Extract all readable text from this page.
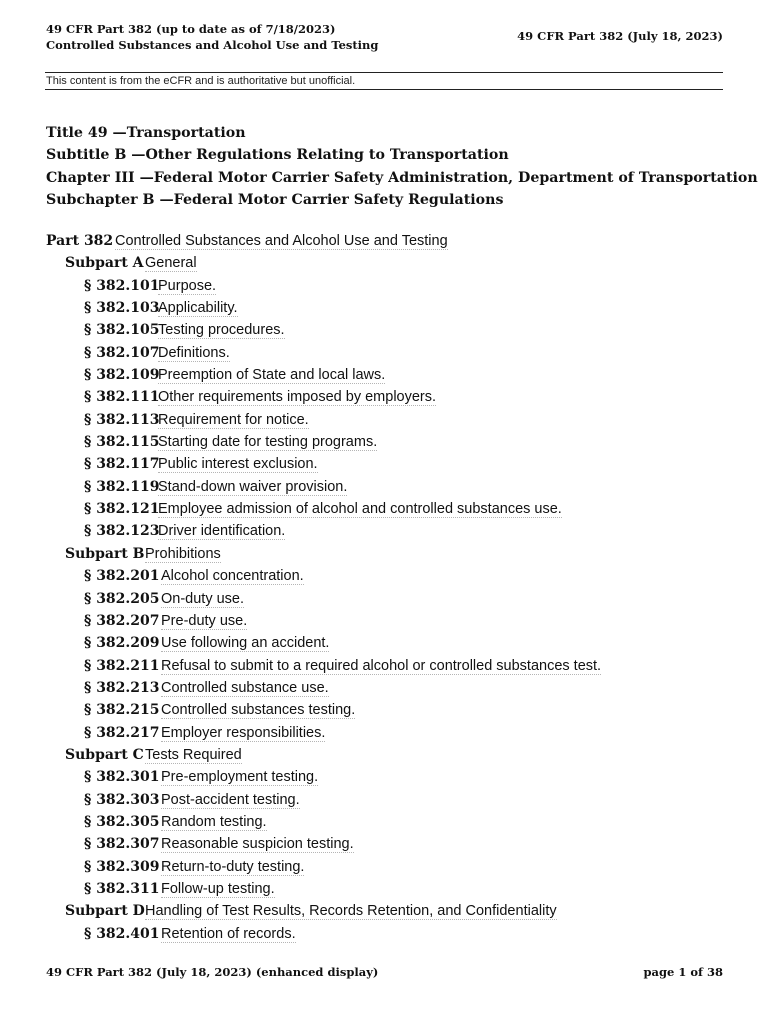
49 CFR Part 382 (up to date as of 7/18/2023)
Controlled Substances and Alcohol Use and Testing
49 CFR Part 382 (July 18, 2023)
This content is from the eCFR and is authoritative but unofficial.
Title 49 —Transportation
Subtitle B —Other Regulations Relating to Transportation
Chapter III —Federal Motor Carrier Safety Administration, Department of Transportation
Subchapter B —Federal Motor Carrier Safety Regulations
Part 382 Controlled Substances and Alcohol Use and Testing
Subpart AGeneral
§ 382.101Purpose.
§ 382.103Applicability.
§ 382.105Testing procedures.
§ 382.107Definitions.
§ 382.109Preemption of State and local laws.
§ 382.111Other requirements imposed by employers.
§ 382.113Requirement for notice.
§ 382.115Starting date for testing programs.
§ 382.117Public interest exclusion.
§ 382.119Stand-down waiver provision.
§ 382.121Employee admission of alcohol and controlled substances use.
§ 382.123Driver identification.
Subpart BProhibitions
§ 382.201Alcohol concentration.
§ 382.205On-duty use.
§ 382.207Pre-duty use.
§ 382.209Use following an accident.
§ 382.211Refusal to submit to a required alcohol or controlled substances test.
§ 382.213Controlled substance use.
§ 382.215Controlled substances testing.
§ 382.217Employer responsibilities.
Subpart CTests Required
§ 382.301Pre-employment testing.
§ 382.303Post-accident testing.
§ 382.305Random testing.
§ 382.307Reasonable suspicion testing.
§ 382.309Return-to-duty testing.
§ 382.311Follow-up testing.
Subpart DHandling of Test Results, Records Retention, and Confidentiality
§ 382.401Retention of records.
49 CFR Part 382 (July 18, 2023) (enhanced display)	page 1 of 38
